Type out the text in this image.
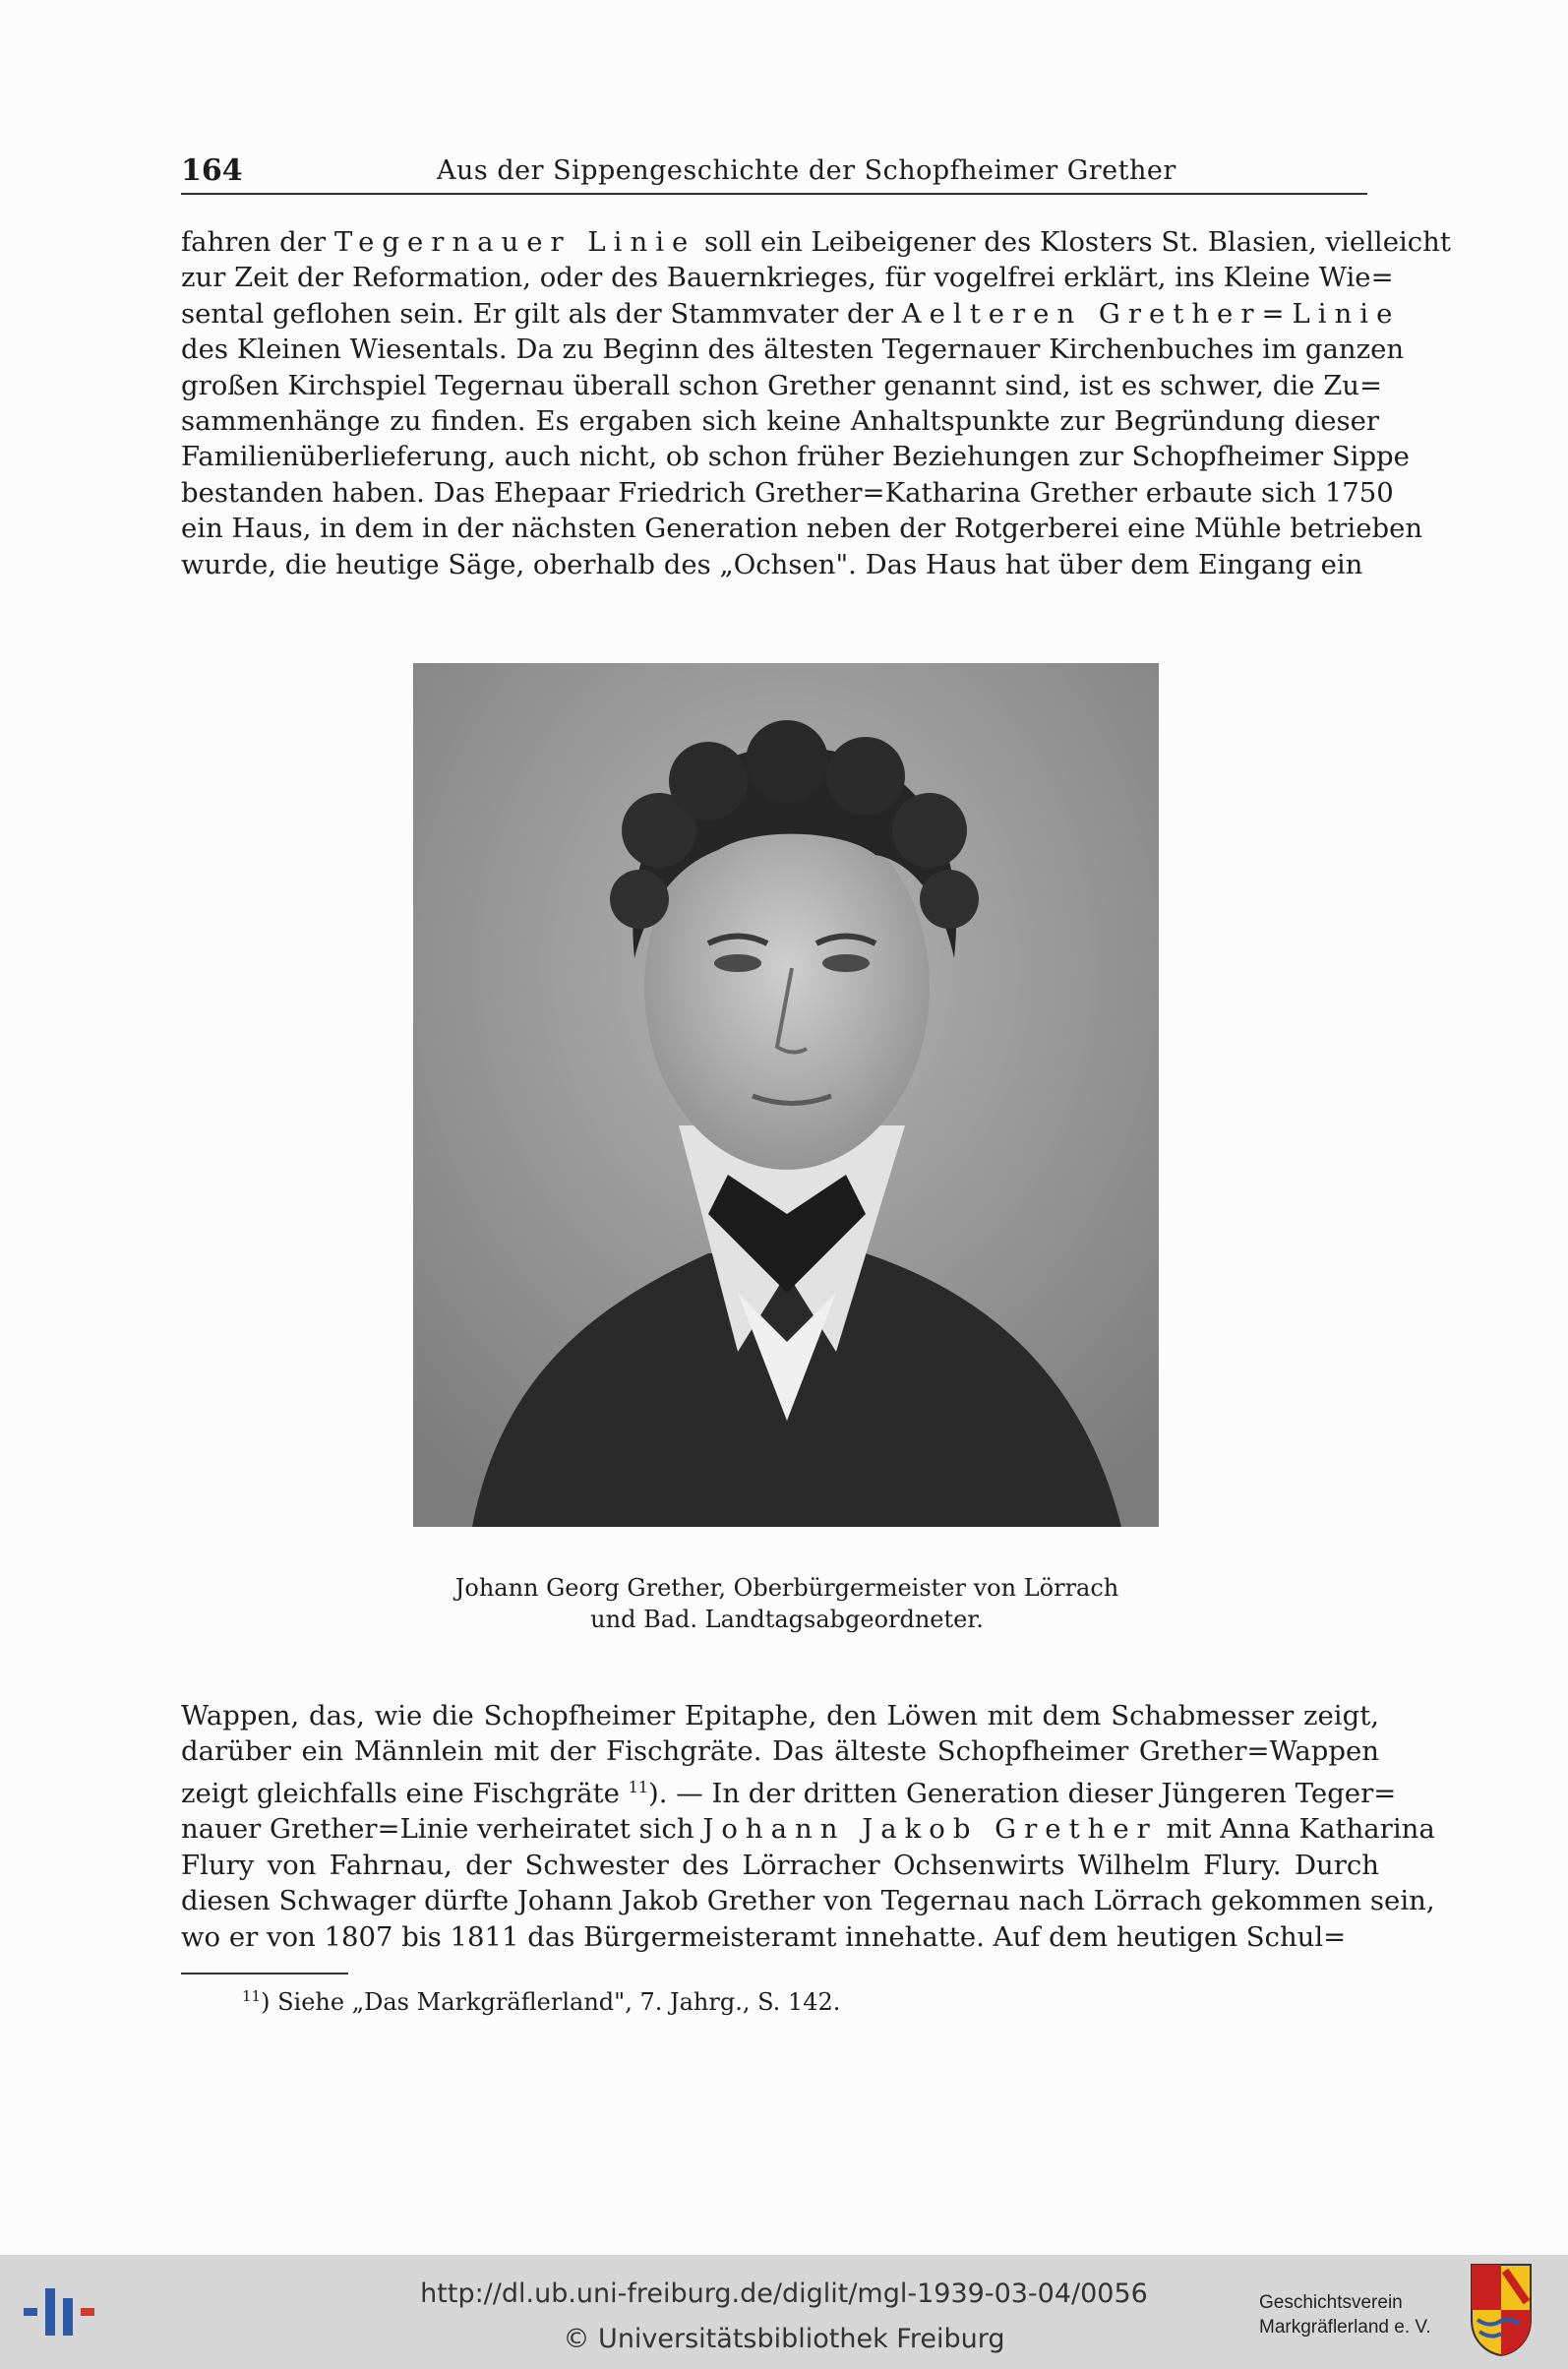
164	Aus der Sippengeschichte der Schopfheimer Grether
fahren der Tegernauer Linie soll ein Leibeigener des Klosters St. Blasien, vielleicht
zur Zeit der Reformation, oder des Bauernkrieges, für vogelfrei erklärt, ins Kleine Wie=
sental geflohen sein. Er gilt als der Stammvater der Aelteren Grether=Linie
des Kleinen Wiesentals. Da zu Beginn des ältesten Tegernauer Kirchenbuches im ganzen
großen Kirchspiel Tegernau überall schon Grether genannt sind, ist es schwer, die Zu=
sammenhänge zu finden. Es ergaben sich keine Anhaltspunkte zur Begründung dieser
Familienüberlieferung, auch nicht, ob schon früher Beziehungen zur Schopfheimer Sippe
bestanden haben. Das Ehepaar Friedrich Grether=Katharina Grether erbaute sich 1750
ein Haus, in dem in der nächsten Generation neben der Rotgerberei eine Mühle betrieben
wurde, die heutige Säge, oberhalb des „Ochsen". Das Haus hat über dem Eingang ein
Johann Georg Grether, Oberbürgermeister von Lörrach
und Bad. Landtagsabgeordneter.
Wappen, das, wie die Schopfheimer Epitaphe, den Löwen mit dem Schabmesser zeigt,
darüber ein Männlein mit der Fischgräte. Das älteste Schopfheimer Grether=Wappen
zeigt gleichfalls eine Fischgräte $^{11}$). — In der dritten Generation dieser Jüngeren Teger=
nauer Grether=Linie verheiratet sich Johann Jakob Grether mit Anna Katharina
Flury von Fahrnau, der Schwester des Lörracher Ochsenwirts Wilhelm Flury. Durch
diesen Schwager dürfte Johann Jakob Grether von Tegernau nach Lörrach gekommen sein,
wo er von 1807 bis 1811 das Bürgermeisteramt innehatte. Auf dem heutigen Schul=

$^{11}$) Siehe „Das Markgräflerland", 7. Jahrg., S. 142.

http://dl.ub.uni-freiburg.de/diglit/mgl-1939-03-04/0056
© Universitätsbibliothek Freiburg
Geschichtsverein
Markgräflerland e. V.
